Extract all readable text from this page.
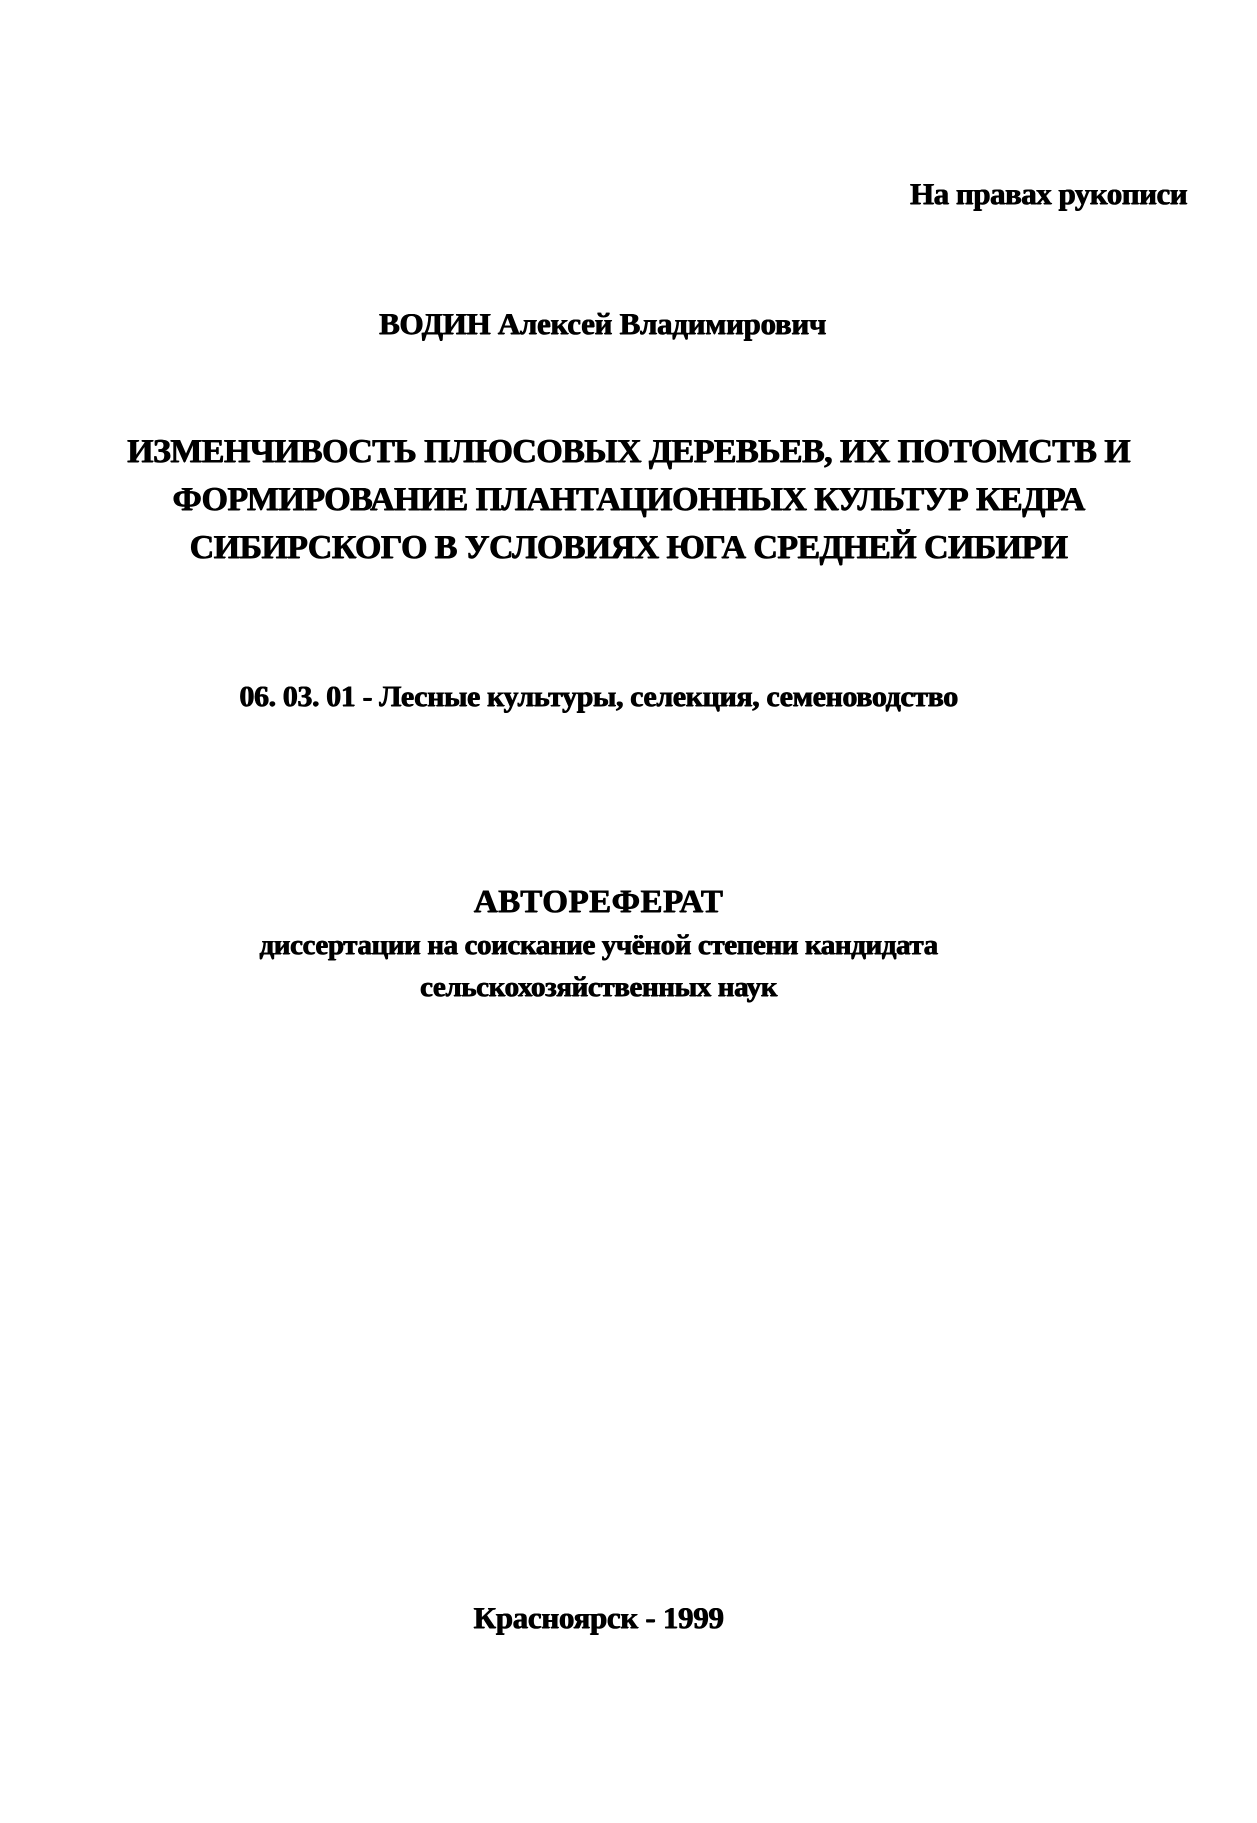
На правах рукописи
ВОДИН Алексей Владимирович
ИЗМЕНЧИВОСТЬ ПЛЮСОВЫХ ДЕРЕВЬЕВ, ИХ ПОТОМСТВ И
ФОРМИРОВАНИЕ ПЛАНТАЦИОННЫХ КУЛЬТУР КЕДРА
СИБИРСКОГО В УСЛОВИЯХ ЮГА СРЕДНЕЙ СИБИРИ
06. 03. 01 - Лесные культуры, селекция, семеноводство
АВТОРЕФЕРАТ
диссертации на соискание учёной степени кандидата
сельскохозяйственных наук
Красноярск - 1999
